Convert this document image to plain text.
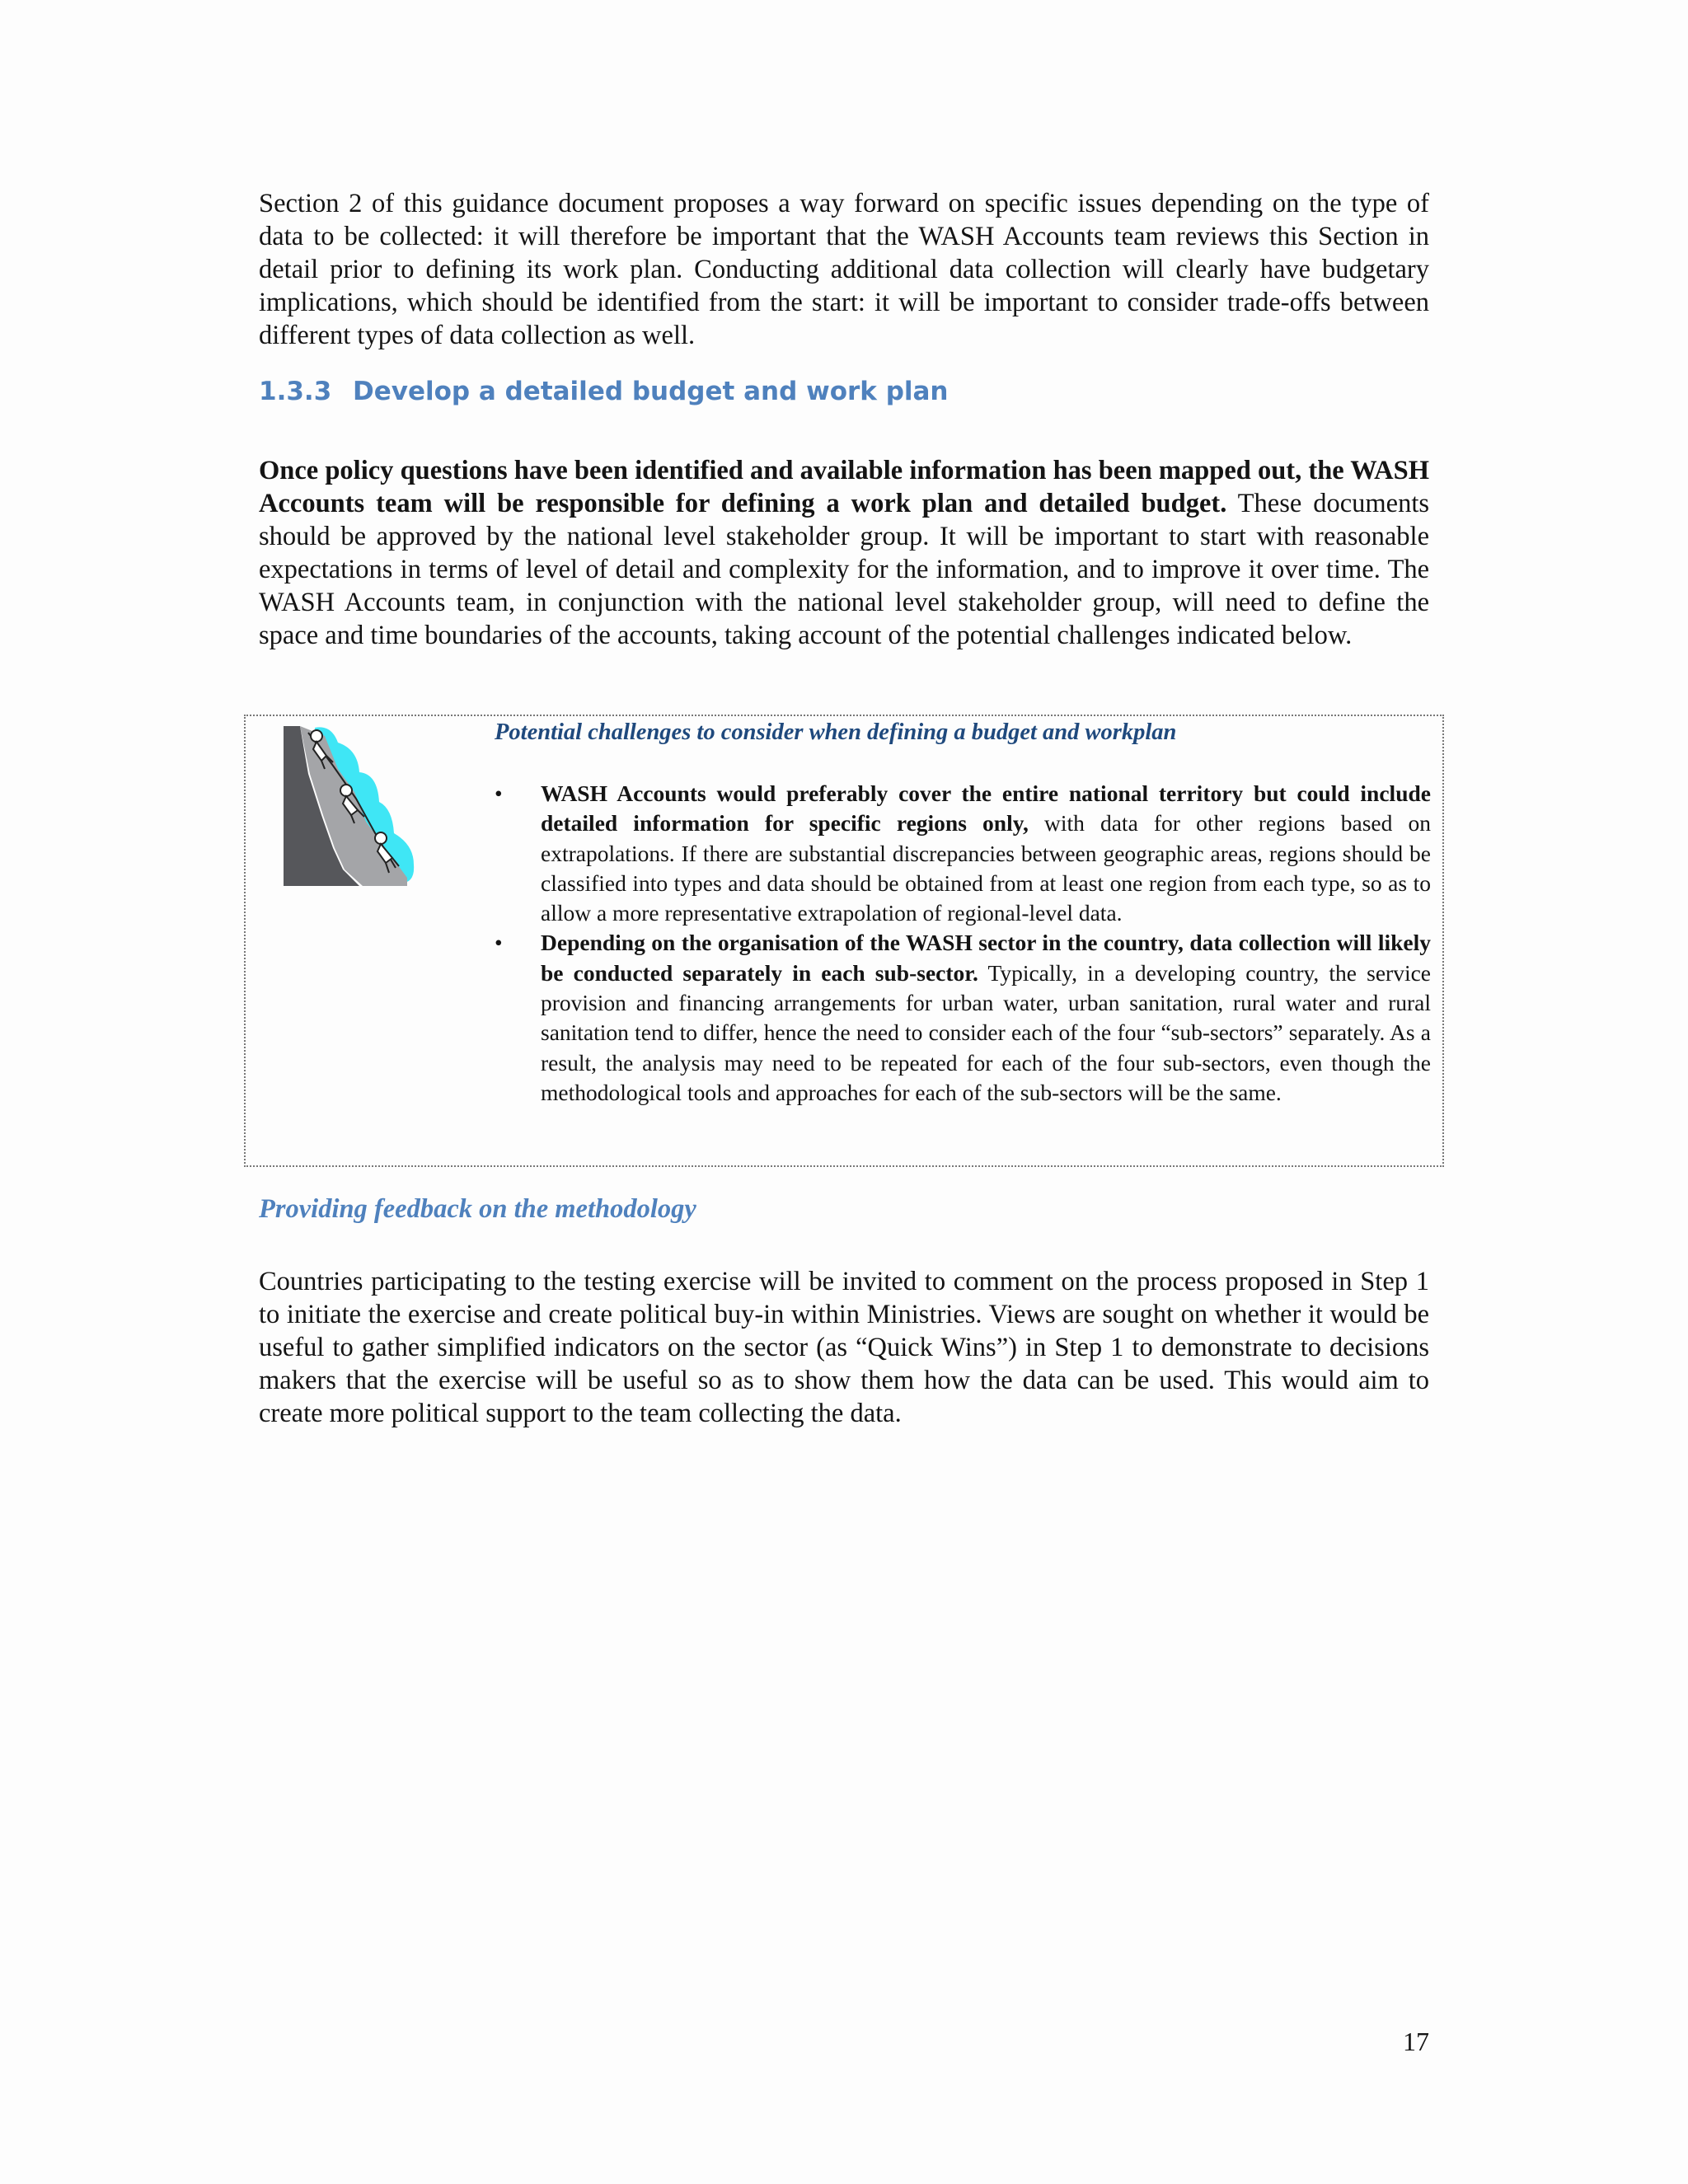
Section 2 of this guidance document proposes a way forward on specific issues depending on the type of data to be collected: it will therefore be important that the WASH Accounts team reviews this Section in detail prior to defining its work plan. Conducting additional data collection will clearly have budgetary implications, which should be identified from the start: it will be important to consider trade-offs between different types of data collection as well.

1.3.3 Develop a detailed budget and work plan

Once policy questions have been identified and available information has been mapped out, the WASH Accounts team will be responsible for defining a work plan and detailed budget. These documents should be approved by the national level stakeholder group. It will be important to start with reasonable expectations in terms of level of detail and complexity for the information, and to improve it over time. The WASH Accounts team, in conjunction with the national level stakeholder group, will need to define the space and time boundaries of the accounts, taking account of the potential challenges indicated below.

Potential challenges to consider when defining a budget and workplan
• WASH Accounts would preferably cover the entire national territory but could include detailed information for specific regions only, with data for other regions based on extrapolations. If there are substantial discrepancies between geographic areas, regions should be classified into types and data should be obtained from at least one region from each type, so as to allow a more representative extrapolation of regional-level data.
• Depending on the organisation of the WASH sector in the country, data collection will likely be conducted separately in each sub-sector. Typically, in a developing country, the service provision and financing arrangements for urban water, urban sanitation, rural water and rural sanitation tend to differ, hence the need to consider each of the four “sub-sectors” separately. As a result, the analysis may need to be repeated for each of the four sub-sectors, even though the methodological tools and approaches for each of the sub-sectors will be the same.
Providing feedback on the methodology

Countries participating to the testing exercise will be invited to comment on the process proposed in Step 1 to initiate the exercise and create political buy-in within Ministries. Views are sought on whether it would be useful to gather simplified indicators on the sector (as “Quick Wins”) in Step 1 to demonstrate to decisions makers that the exercise will be useful so as to show them how the data can be used. This would aim to create more political support to the team collecting the data.

17
